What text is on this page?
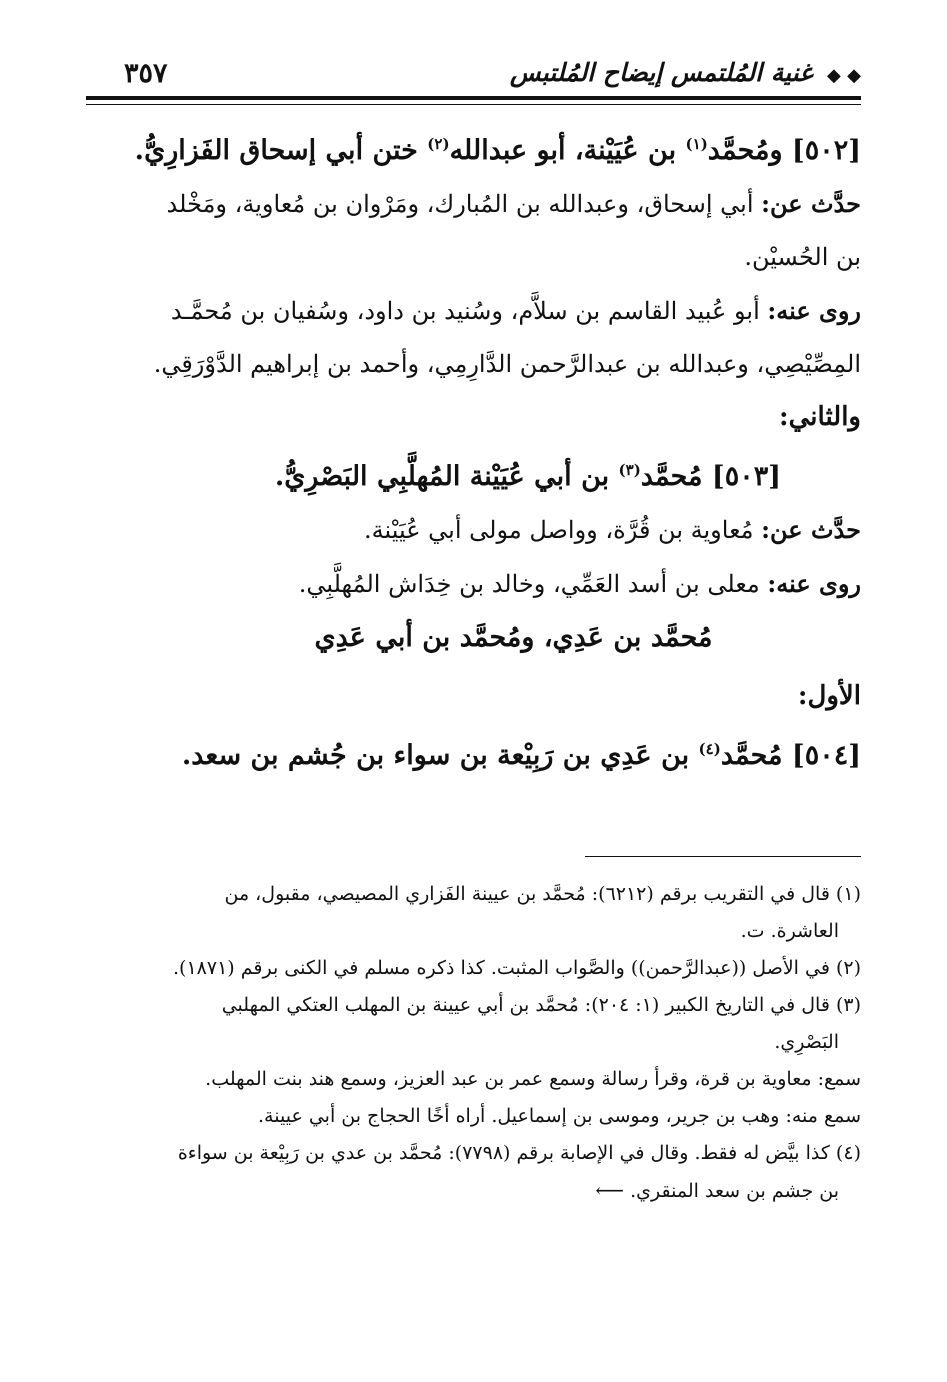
◆ ◆ غنية المُلتمس إيضاح المُلتبس
٣٥٧
[٥٠٢] ومُحمَّد$^{(١)}$ بن عُيَيْنة، أبو عبدالله$^{(٢)}$ ختن أبي إسحاق الفَزارِيُّ.
حدَّث عن: أبي إسحاق، وعبدالله بن المُبارك، ومَرْوان بن مُعاوية، ومَخْلد
بن الحُسيْن.
روى عنه: أبو عُبيد القاسم بن سلاَّم، وسُنيد بن داود، وسُفيان بن مُحمَّـد
المِصِّيْصِي، وعبدالله بن عبدالرَّحمن الدَّارِمِي، وأحمد بن إبراهيم الدَّوْرَقِي.
والثاني:
[٥٠٣] مُحمَّد$^{(٣)}$ بن أبي عُيَيْنة المُهلَّبِي البَصْرِيُّ.
حدَّث عن: مُعاوية بن قُرَّة، وواصل مولى أبي عُيَيْنة.
روى عنه: معلى بن أسد العَمِّي، وخالد بن خِدَاش المُهلَّبِي.
مُحمَّد بن عَدِي، ومُحمَّد بن أبي عَدِي
الأول:
[٥٠٤] مُحمَّد$^{(٤)}$ بن عَدِي بن رَبِيْعة بن سواء بن جُشم بن سعد.
(١) قال في التقريب برقم (٦٢١٢): مُحمَّد بن عيينة الفَزاري المصيصي، مقبول، من
العاشرة. ت.
(٢) في الأصل ((عبدالرَّحمن)) والصَّواب المثبت. كذا ذكره مسلم في الكنى برقم (١٨٧١).
(٣) قال في التاريخ الكبير (١: ٢٠٤): مُحمَّد بن أبي عيينة بن المهلب العتكي المهلبي
البَصْرِي.
سمع: معاوية بن قرة، وقرأ رسالة وسمع عمر بن عبد العزيز، وسمع هند بنت المهلب.
سمع منه: وهب بن جرير، وموسى بن إسماعيل. أراه أخًا الحجاج بن أبي عيينة.
(٤) كذا بيَّض له فقط. وقال في الإصابة برقم (٧٧٩٨): مُحمَّد بن عدي بن رَبِيْعة بن سواءة
بن جشم بن سعد المنقري. ⟵
